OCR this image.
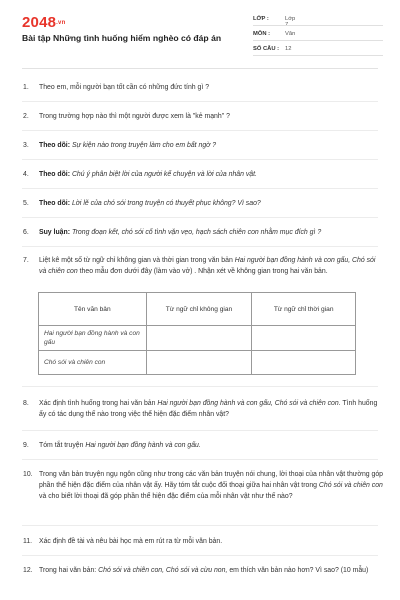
2048.vn
Bài tập Những tình huống hiểm nghèo có đáp án
LỚP :	Lớp 7
MÔN :	Văn
SỐ CÂU :	12
1. Theo em, mỗi người bạn tốt cần có những đức tính gì ?
2. Trong trường hợp nào thì một người được xem là "kẻ mạnh" ?
3. Theo dõi: Sự kiện nào trong truyện làm cho em bất ngờ ?
4. Theo dõi: Chú ý phân biệt lời của người kể chuyện và lời của nhân vật.
5. Theo dõi: Lời lẽ của chó sói trong truyện có thuyết phục không? Vì sao?
6. Suy luận: Trong đoạn kết, chó sói cố tình vặn vẹo, hạch sách chiên con nhằm mục đích gì ?
7. Liệt kê một số từ ngữ chỉ không gian và thời gian trong văn bản Hai người bạn đồng hành và con gấu, Chó sói và chiên con theo mẫu đơn dưới đây (làm vào vở) . Nhận xét về không gian trong hai văn bản.
Tên văn bản	Từ ngữ chỉ không gian	Từ ngữ chỉ thời gian
Hai người bạn đồng hành và con gấu		
Chó sói và chiên con		
8. Xác định tình huống trong hai văn bản Hai người bạn đồng hành và con gấu, Chó sói và chiên con. Tình huống ấy có tác dụng thế nào trong việc thể hiện đặc điểm nhân vật?
9. Tóm tắt truyện Hai người bạn đồng hành và con gấu.
10. Trong văn bản truyện ngụ ngôn cũng như trong các văn bản truyện nói chung, lời thoại của nhân vật thường góp phần thể hiện đặc điểm của nhân vật ấy. Hãy tóm tắt cuộc đối thoại giữa hai nhân vật trong Chó sói và chiên con và cho biết lời thoại đã góp phần thể hiện đặc điểm của mỗi nhân vật như thế nào?
11. Xác định đề tài và nêu bài học mà em rút ra từ mỗi văn bản.
12. Trong hai văn bản: Chó sói và chiên con, Chó sói và cừu non, em thích văn bản nào hơn? Vì sao? (10 mẫu)
